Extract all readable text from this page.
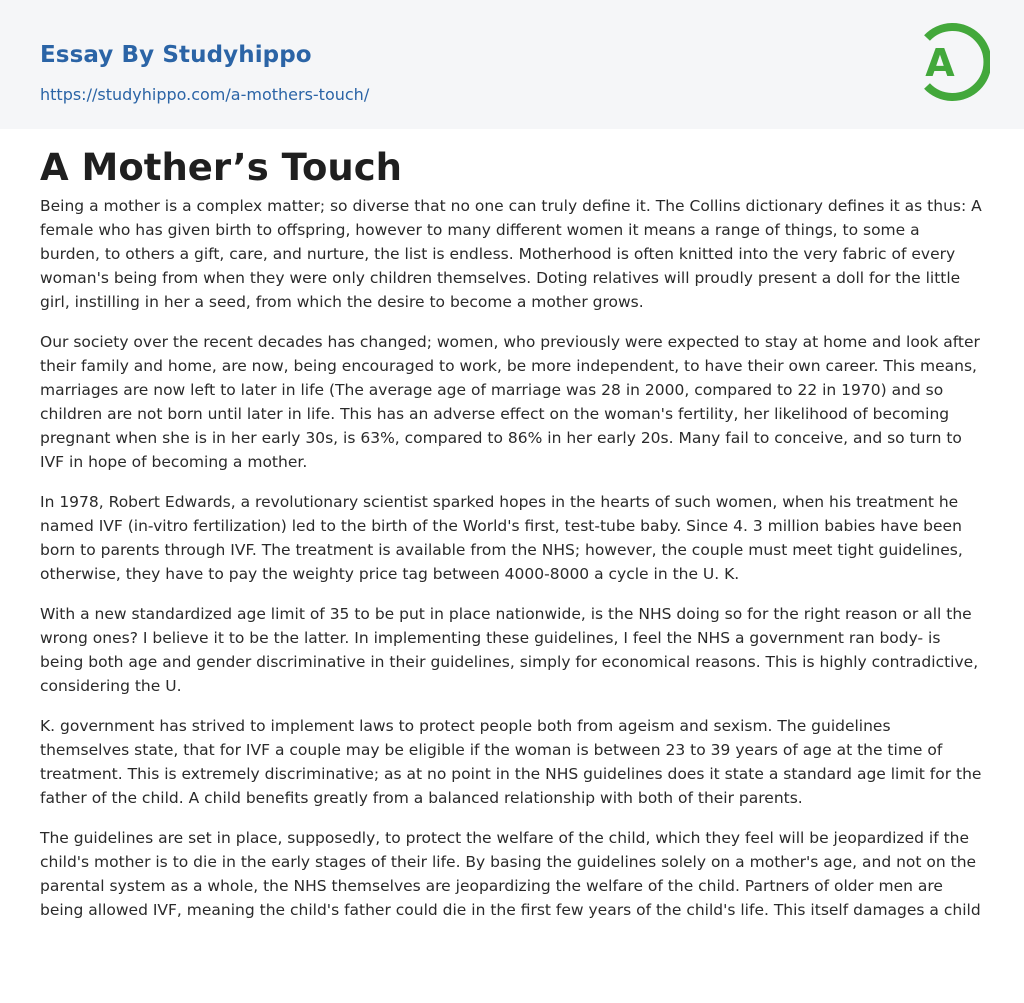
Essay By Studyhippo
https://studyhippo.com/a-mothers-touch/
A
A Mother’s Touch

Being a mother is a complex matter; so diverse that no one can truly define it. The Collins dictionary defines it as thus: A female who has given birth to offspring, however to many different women it means a range of things, to some a burden, to others a gift, care, and nurture, the list is endless. Motherhood is often knitted into the very fabric of every woman's being from when they were only children themselves. Doting relatives will proudly present a doll for the little girl, instilling in her a seed, from which the desire to become a mother grows.

Our society over the recent decades has changed; women, who previously were expected to stay at home and look after their family and home, are now, being encouraged to work, be more independent, to have their own career. This means, marriages are now left to later in life (The average age of marriage was 28 in 2000, compared to 22 in 1970) and so children are not born until later in life. This has an adverse effect on the woman's fertility, her likelihood of becoming pregnant when she is in her early 30s, is 63%, compared to 86% in her early 20s. Many fail to conceive, and so turn to IVF in hope of becoming a mother.

In 1978, Robert Edwards, a revolutionary scientist sparked hopes in the hearts of such women, when his treatment he named IVF (in-vitro fertilization) led to the birth of the World's first, test-tube baby. Since 4. 3 million babies have been born to parents through IVF. The treatment is available from the NHS; however, the couple must meet tight guidelines, otherwise, they have to pay the weighty price tag between 4000-8000 a cycle in the U. K.

With a new standardized age limit of 35 to be put in place nationwide, is the NHS doing so for the right reason or all the wrong ones? I believe it to be the latter. In implementing these guidelines, I feel the NHS a government ran body- is being both age and gender discriminative in their guidelines, simply for economical reasons. This is highly contradictive, considering the U.

K. government has strived to implement laws to protect people both from ageism and sexism. The guidelines themselves state, that for IVF a couple may be eligible if the woman is between 23 to 39 years of age at the time of treatment. This is extremely discriminative; as at no point in the NHS guidelines does it state a standard age limit for the father of the child. A child benefits greatly from a balanced relationship with both of their parents.

The guidelines are set in place, supposedly, to protect the welfare of the child, which they feel will be jeopardized if the child's mother is to die in the early stages of their life. By basing the guidelines solely on a mother's age, and not on the parental system as a whole, the NHS themselves are jeopardizing the welfare of the child. Partners of older men are being allowed IVF, meaning the child's father could die in the first few years of the child's life. This itself damages a child
